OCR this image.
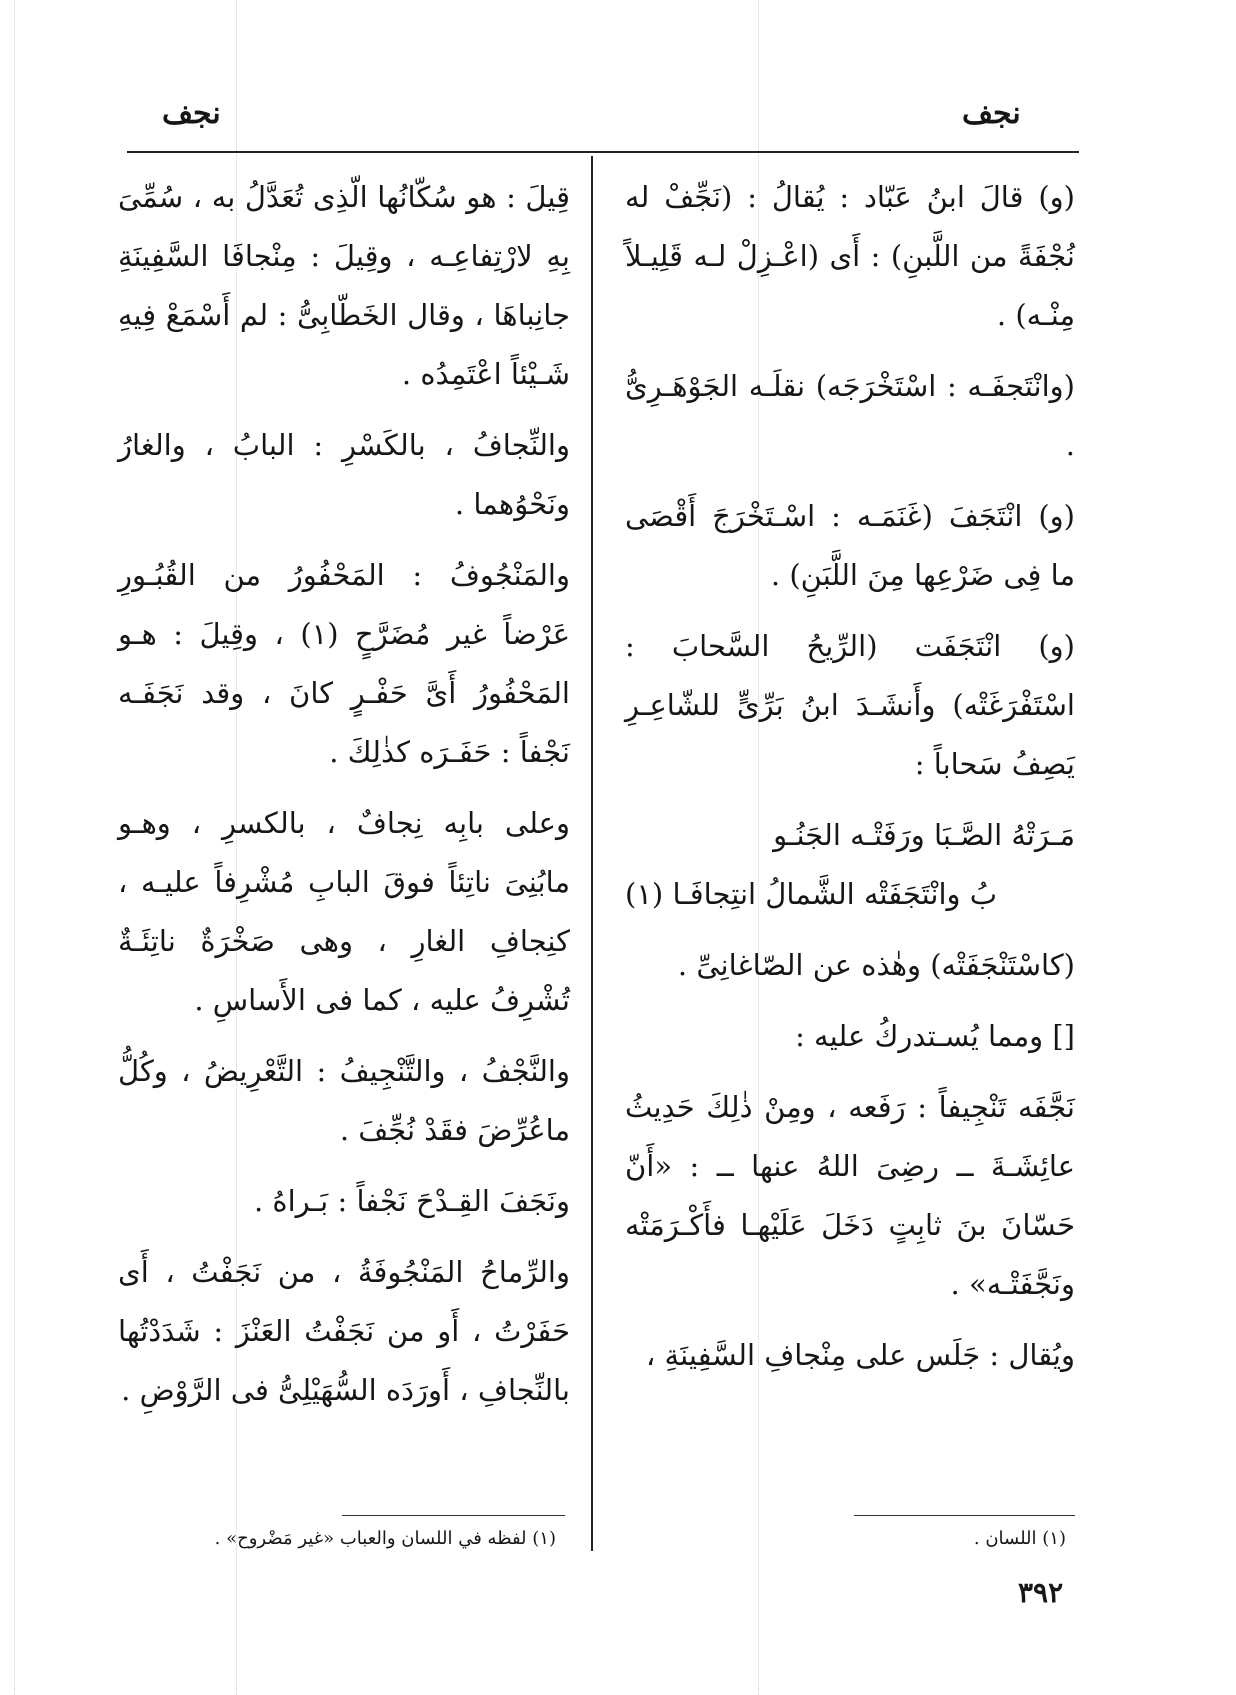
نجف	نجف

(و) قالَ ابنُ عَبّاد : يُقالُ : (نَجِّفْ له نُجْفَةً من اللَّبنِ) : أَى (اعْـزِلْ لـه قَلِيـلاً مِنْـه) .

(وانْتَجفَـه : اسْتَخْرَجَه) نقلَـه الجَوْهَـرِىُّ .

(و) انْتَجَفَ (غَنَمَـه : اسْـتَخْرَجَ أَقْصَى ما فِى ضَرْعِها مِنَ اللَّبَنِ) .

(و) انْتَجَفَت (الرِّيحُ السَّحابَ : اسْتَفْرَغَتْه) وأَنشَـدَ ابنُ بَرِّىٍّ للشّاعِـرِ يَصِفُ سَحاباً :

مَـرَتْهُ الصَّـبَا ورَفَتْـه الجَنُـو
بُ وانْتَجَفَتْه الشَّمالُ انتِجافَـا (١)

(كاسْتَنْجَفَتْه) وهٰذه عن الصّاغانِىِّ .

[] ومما يُسـتدركُ عليه :

نَجَّفَه تَنْجِيفاً : رَفَعه ، ومِنْ ذٰلِكَ حَدِيثُ عائِشَـةَ ــ رضِىَ اللهُ عنها ــ : «أَنّ حَسّانَ بنَ ثابِتٍ دَخَلَ عَلَيْهـا فأَكْـرَمَتْه ونَجَّفَتْـه» .

ويُقال : جَلَس على مِنْجافِ السَّفِينَةِ ،

قِيلَ : هو سُكّانُها الّذِى تُعَدَّلُ به ، سُمِّىَ بِهِ لارْتِفاعِـه ، وقِيلَ : مِنْجافَا السَّفِينَةِ جانِباهَا ، وقال الخَطّابِىُّ : لم أَسْمَعْ فِيهِ شَـيْئاً اعْتَمِدُه .

والنِّجافُ ، بالكَسْرِ : البابُ ، والغارُ ونَحْوُهما .

والمَنْجُوفُ : المَحْفُورُ من القُبُـورِ عَرْضاً غير مُضَرَّحٍ (١) ، وقِيلَ : هـو المَحْفُورُ أَىَّ حَفْـرٍ كانَ ، وقد نَجَفَـه نَجْفاً : حَفَـرَه كذٰلِكَ .

وعلى بابِه نِجافٌ ، بالكسرِ ، وهـو مابُنِىَ ناتِئاً فوقَ البابِ مُشْرِفاً عليـه ، كنِجافِ الغارِ ، وهى صَخْرَةٌ ناتِئَـةٌ تُشْرِفُ عليه ، كما فى الأَساسِ .

والنَّجْفُ ، والتَّنْجِيفُ : التَّعْرِيضُ ، وكُلُّ ماعُرِّضَ فقَدْ نُجِّفَ .

ونَجَفَ القِـدْحَ نَجْفاً : بَـراهُ .

والرِّماحُ المَنْجُوفَةُ ، من نَجَفْتُ ، أَى حَفَرْتُ ، أَو من نَجَفْتُ العَنْزَ : شَدَدْتُها بالنِّجافِ ، أَورَدَه السُّهَيْلِىُّ فى الرَّوْضِ .

(١) لفظه في اللسان والعباب «غير مَضْروح» .	(١) اللسان .
٣٩٢
